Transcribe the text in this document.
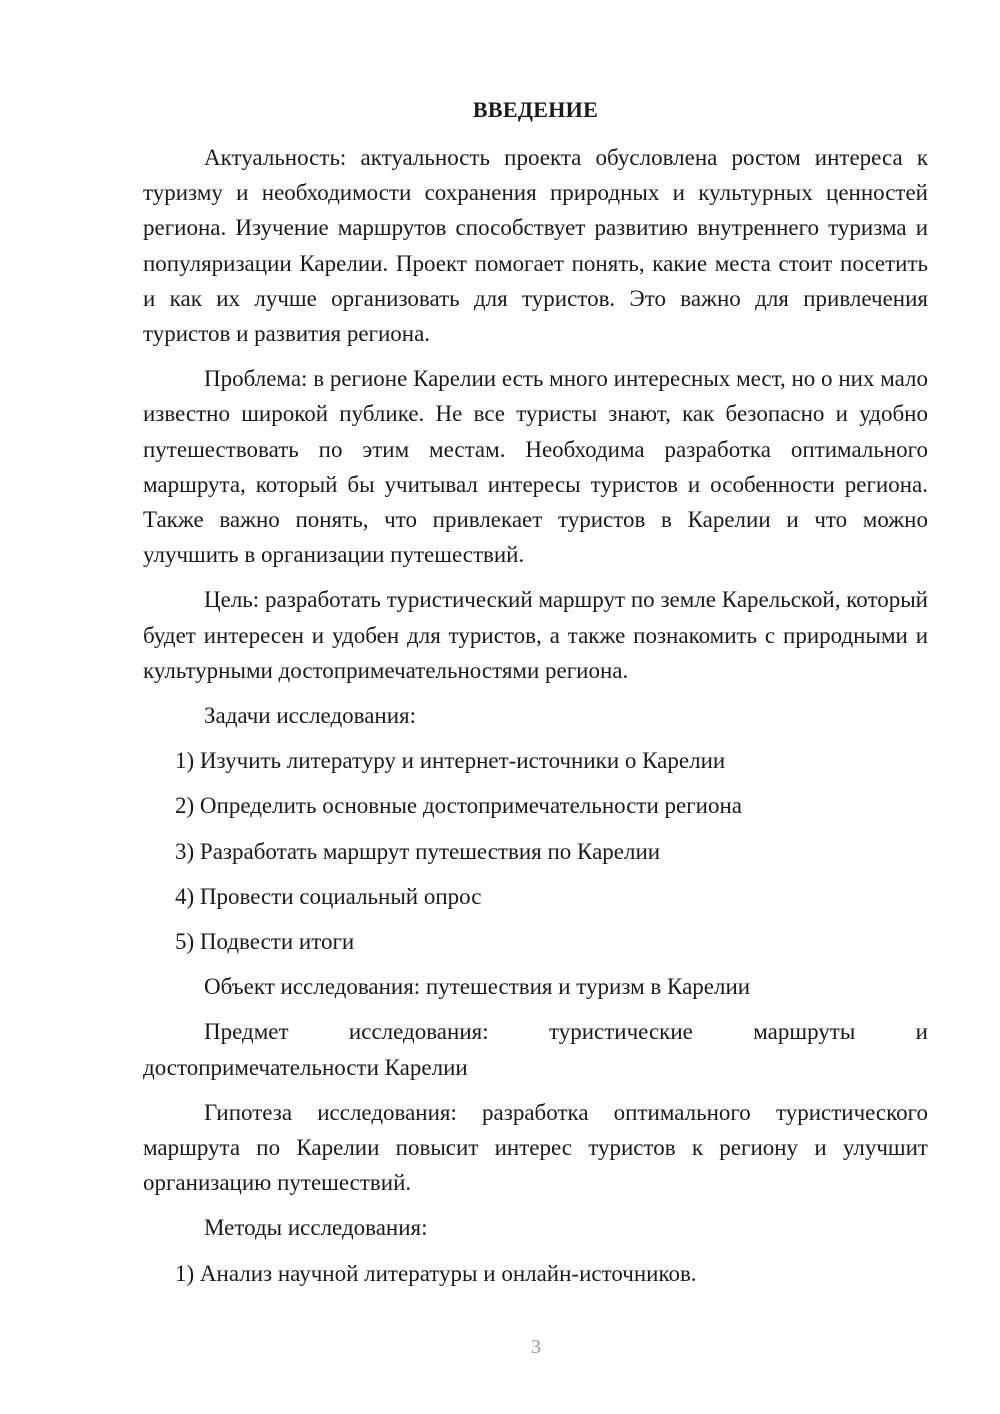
ВВЕДЕНИЕ

Актуальность: актуальность проекта обусловлена ростом интереса к туризму и необходимости сохранения природных и культурных ценностей региона. Изучение маршрутов способствует развитию внутреннего туризма и популяризации Карелии. Проект помогает понять, какие места стоит посетить и как их лучше организовать для туристов. Это важно для привлечения туристов и развития региона.

Проблема: в регионе Карелии есть много интересных мест, но о них мало известно широкой публике. Не все туристы знают, как безопасно и удобно путешествовать по этим местам. Необходима разработка оптимального маршрута, который бы учитывал интересы туристов и особенности региона. Также важно понять, что привлекает туристов в Карелии и что можно улучшить в организации путешествий.

Цель: разработать туристический маршрут по земле Карельской, который будет интересен и удобен для туристов, а также познакомить с природными и культурными достопримечательностями региона.

Задачи исследования:
1) Изучить литературу и интернет-источники о Карелии
2) Определить основные достопримечательности региона
3) Разработать маршрут путешествия по Карелии
4) Провести социальный опрос
5) Подвести итоги
Объект исследования: путешествия и туризм в Карелии

Предмет исследования: туристические маршруты и достопримечательности Карелии

Гипотеза исследования: разработка оптимального туристического маршрута по Карелии повысит интерес туристов к региону и улучшит организацию путешествий.

Методы исследования:
1) Анализ научной литературы и онлайн-источников.
3
